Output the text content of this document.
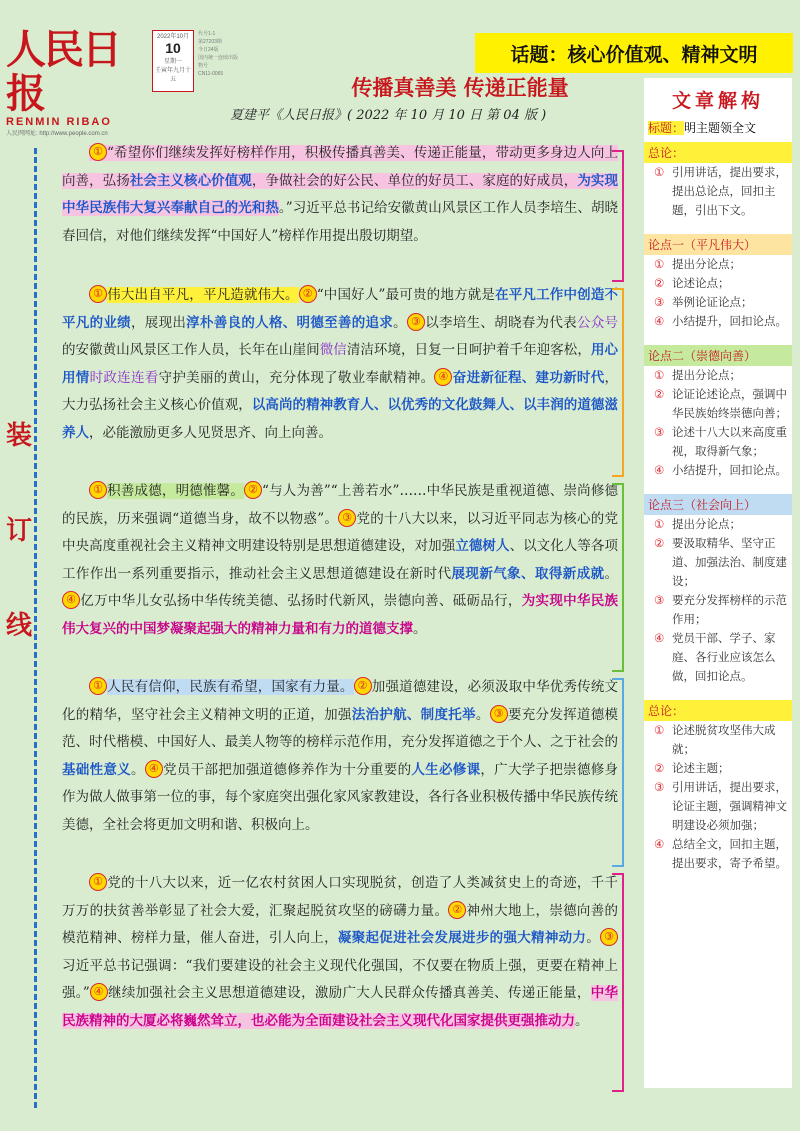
人民日报
RENMIN RIBAO
人民网网址: http://www.people.com.cn
2022年10月
10
星期一
壬寅年九月十五
代号1-1
第27203期
今日24版
国内统一连续出版物号
CN11-0065
话题：核心价值观、精神文明
传播真善美 传递正能量
夏建平《人民日报》( 2022 年 10 月 10 日 第 04 版 )
装
订
线

① “希望你们继续发挥好榜样作用，积极传播真善美、传递正能量，带动更多身边人向上向善，弘扬社会主义核心价值观，争做社会的好公民、单位的好员工、家庭的好成员，为实现中华民族伟大复兴奉献自己的光和热。”习近平总书记给安徽黄山风景区工作人员李培生、胡晓春回信，对他们继续发挥“中国好人”榜样作用提出殷切期望。

① 伟大出自平凡，平凡造就伟大。 ② “中国好人”最可贵的地方就是在平凡工作中创造不平凡的业绩，展现出淳朴善良的人格、明德至善的追求。 ③ 以李培生、胡晓春为代表公众号的安徽黄山风景区工作人员，长年在山崖间微信清洁环境，日复一日呵护着千年迎客松，用心用情时政连连看守护美丽的黄山，充分体现了敬业奉献精神。 ④ 奋进新征程、建功新时代，大力弘扬社会主义核心价值观，以高尚的精神教育人、以优秀的文化鼓舞人、以丰润的道德滋养人，必能激励更多人见贤思齐、向上向善。

① 积善成德，明德惟馨。 ② “与人为善”“上善若水”……中华民族是重视道德、崇尚修德的民族，历来强调“道德当身，故不以物惑”。 ③ 党的十八大以来，以习近平同志为核心的党中央高度重视社会主义精神文明建设特别是思想道德建设，对加强立德树人、以文化人等各项工作作出一系列重要指示，推动社会主义思想道德建设在新时代展现新气象、取得新成就。④ 亿万中华儿女弘扬中华传统美德、弘扬时代新风，崇德向善、砥砺品行，为实现中华民族伟大复兴的中国梦凝聚起强大的精神力量和有力的道德支撑。

① 人民有信仰，民族有希望，国家有力量。 ② 加强道德建设，必须汲取中华优秀传统文化的精华，坚守社会主义精神文明的正道，加强法治护航、制度托举。 ③ 要充分发挥道德模范、时代楷模、中国好人、最美人物等的榜样示范作用，充分发挥道德之于个人、之于社会的基础性意义。 ④ 党员干部把加强道德修养作为十分重要的人生必修课，广大学子把崇德修身作为做人做事第一位的事，每个家庭突出强化家风家教建设，各行各业积极传播中华民族传统美德，全社会将更加文明和谐、积极向上。

① 党的十八大以来，近一亿农村贫困人口实现脱贫，创造了人类减贫史上的奇迹，千千万万的扶贫善举彰显了社会大爱，汇聚起脱贫攻坚的磅礴力量。 ② 神州大地上，崇德向善的模范精神、榜样力量，催人奋进，引人向上，凝聚起促进社会发展进步的强大精神动力。 ③习近平总书记强调：“我们要建设的社会主义现代化强国，不仅要在物质上强，更要在精神上强。” ④ 继续加强社会主义思想道德建设，激励广大人民群众传播真善美、传递正能量，中华民族精神的大厦必将巍然耸立，也必能为全面建设社会主义现代化国家提供更强推动力。

文章解构
标题：明主题领全文
总论：
① 引用讲话，提出要求，提出总论点，回扣主题，引出下文。
论点一（平凡伟大）
① 提出分论点；
② 论述论点；
③ 举例论证论点；
④ 小结提升，回扣论点。
论点二（崇德向善）
① 提出分论点；
② 论证论述论点，强调中华民族始终崇德向善；
③ 论述十八大以来高度重视，取得新气象；
④ 小结提升，回扣论点。
论点三（社会向上）
① 提出分论点；
② 要汲取精华、坚守正道、加强法治、制度建设；
③ 要充分发挥榜样的示范作用；
④ 党员干部、学子、家庭、各行业应该怎么做，回扣论点。
总论：
① 论述脱贫攻坚伟大成就；
② 论述主题；
③ 引用讲话，提出要求，论证主题，强调精神文明建设必须加强；
④ 总结全文，回扣主题，提出要求，寄予希望。
